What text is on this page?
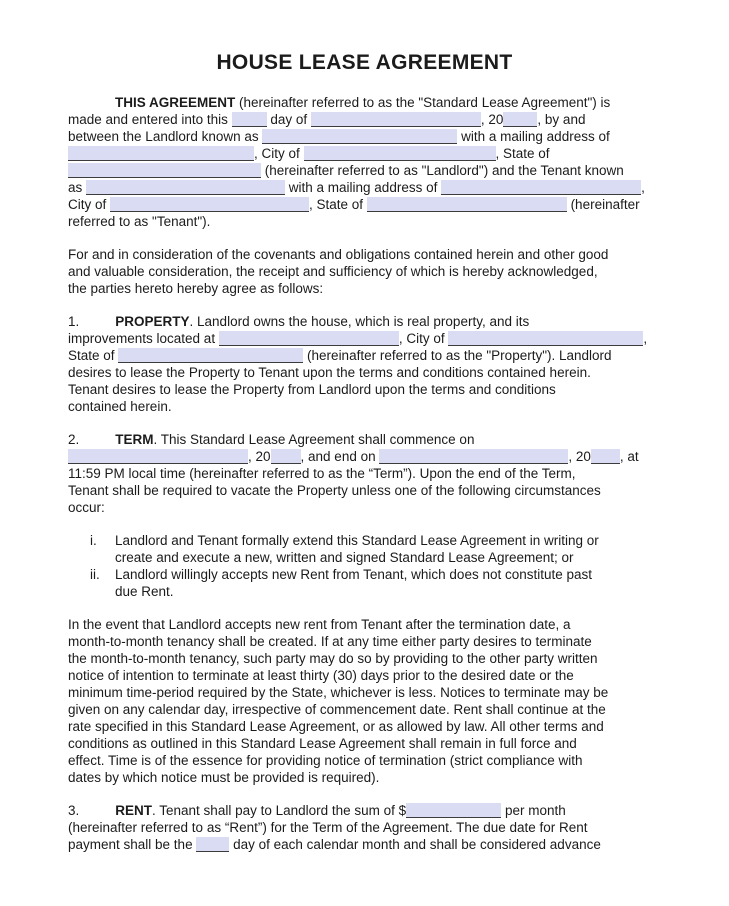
HOUSE LEASE AGREEMENT
THIS AGREEMENT (hereinafter referred to as the "Standard Lease Agreement") is
made and entered into this	day of	, 20	, by and
between the Landlord known as	with a mailing address of
, City of	, State of
(hereinafter referred to as "Landlord") and the Tenant known
as	with a mailing address of	,
City of	, State of	(hereinafter
referred to as "Tenant").
For and in consideration of the covenants and obligations contained herein and other good
and valuable consideration, the receipt and sufficiency of which is hereby acknowledged,
the parties hereto hereby agree as follows:
1.	PROPERTY. Landlord owns the house, which is real property, and its
improvements located at	, City of	,
State of	(hereinafter referred to as the "Property"). Landlord
desires to lease the Property to Tenant upon the terms and conditions contained herein.
Tenant desires to lease the Property from Landlord upon the terms and conditions
contained herein.
2.	TERM. This Standard Lease Agreement shall commence on
, 20 , and end on	, 20 , at
11:59 PM local time (hereinafter referred to as the “Term”). Upon the end of the Term,
Tenant shall be required to vacate the Property unless one of the following circumstances
occur:
i.	Landlord and Tenant formally extend this Standard Lease Agreement in writing or
create and execute a new, written and signed Standard Lease Agreement; or
ii.	Landlord willingly accepts new Rent from Tenant, which does not constitute past
due Rent.
In the event that Landlord accepts new rent from Tenant after the termination date, a
month-to-month tenancy shall be created. If at any time either party desires to terminate
the month-to-month tenancy, such party may do so by providing to the other party written
notice of intention to terminate at least thirty (30) days prior to the desired date or the
minimum time-period required by the State, whichever is less. Notices to terminate may be
given on any calendar day, irrespective of commencement date. Rent shall continue at the
rate specified in this Standard Lease Agreement, or as allowed by law. All other terms and
conditions as outlined in this Standard Lease Agreement shall remain in full force and
effect. Time is of the essence for providing notice of termination (strict compliance with
dates by which notice must be provided is required).
3.	RENT. Tenant shall pay to Landlord the sum of $	per month
(hereinafter referred to as “Rent”) for the Term of the Agreement. The due date for Rent
payment shall be the  day of each calendar month and shall be considered advance
